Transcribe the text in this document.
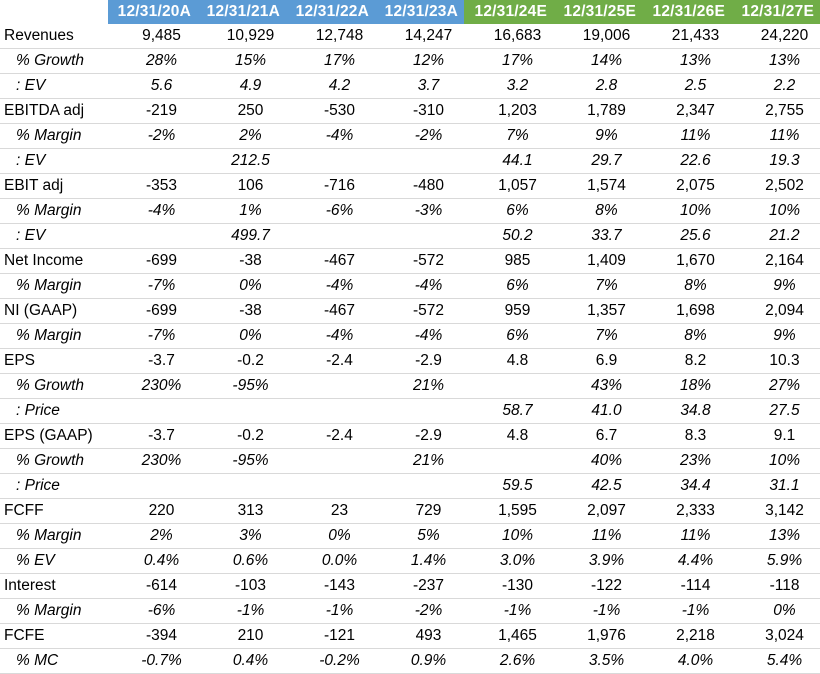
	12/31/20A	12/31/21A	12/31/22A	12/31/23A	12/31/24E	12/31/25E	12/31/26E	12/31/27E
Revenues	9,485	10,929	12,748	14,247	16,683	19,006	21,433	24,220
% Growth	28%	15%	17%	12%	17%	14%	13%	13%
: EV	5.6	4.9	4.2	3.7	3.2	2.8	2.5	2.2
EBITDA adj	-219	250	-530	-310	1,203	1,789	2,347	2,755
% Margin	-2%	2%	-4%	-2%	7%	9%	11%	11%
: EV		212.5			44.1	29.7	22.6	19.3
EBIT adj	-353	106	-716	-480	1,057	1,574	2,075	2,502
% Margin	-4%	1%	-6%	-3%	6%	8%	10%	10%
: EV		499.7			50.2	33.7	25.6	21.2
Net Income	-699	-38	-467	-572	985	1,409	1,670	2,164
% Margin	-7%	0%	-4%	-4%	6%	7%	8%	9%
NI (GAAP)	-699	-38	-467	-572	959	1,357	1,698	2,094
% Margin	-7%	0%	-4%	-4%	6%	7%	8%	9%
EPS	-3.7	-0.2	-2.4	-2.9	4.8	6.9	8.2	10.3
% Growth	230%	-95%		21%		43%	18%	27%
: Price					58.7	41.0	34.8	27.5
EPS (GAAP)	-3.7	-0.2	-2.4	-2.9	4.8	6.7	8.3	9.1
% Growth	230%	-95%		21%		40%	23%	10%
: Price					59.5	42.5	34.4	31.1
FCFF	220	313	23	729	1,595	2,097	2,333	3,142
% Margin	2%	3%	0%	5%	10%	11%	11%	13%
% EV	0.4%	0.6%	0.0%	1.4%	3.0%	3.9%	4.4%	5.9%
Interest	-614	-103	-143	-237	-130	-122	-114	-118
% Margin	-6%	-1%	-1%	-2%	-1%	-1%	-1%	0%
FCFE	-394	210	-121	493	1,465	1,976	2,218	3,024
% MC	-0.7%	0.4%	-0.2%	0.9%	2.6%	3.5%	4.0%	5.4%
